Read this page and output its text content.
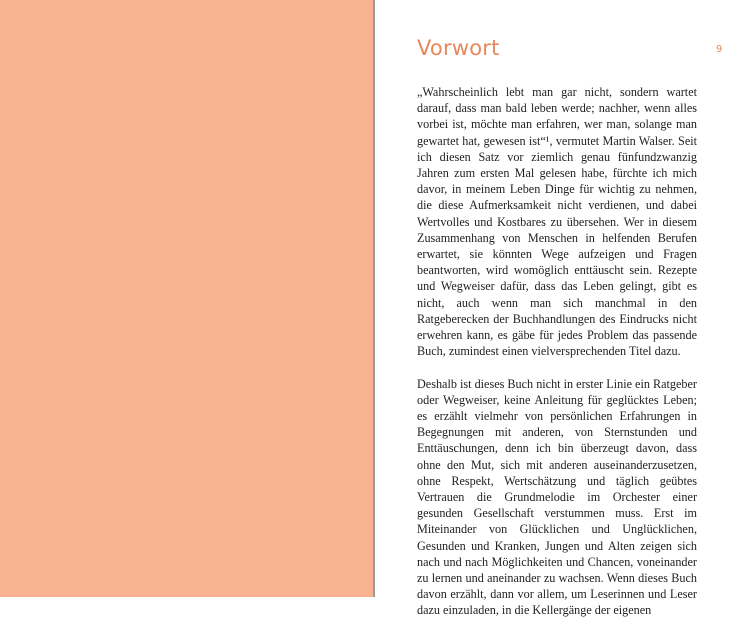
Vorwort	9

„Wahrscheinlich lebt man gar nicht, sondern wartet darauf, dass man bald leben werde; nachher, wenn alles vorbei ist, möchte man erfahren, wer man, solange man gewartet hat, gewesen ist“¹, vermutet Martin Walser. Seit ich diesen Satz vor ziemlich genau fünfundzwanzig Jahren zum ersten Mal gelesen habe, fürchte ich mich davor, in meinem Leben Dinge für wichtig zu nehmen, die diese Aufmerksamkeit nicht verdienen, und dabei Wertvolles und Kostbares zu übersehen. Wer in diesem Zusammenhang von Menschen in helfenden Berufen erwartet, sie könnten Wege aufzeigen und Fragen beantworten, wird womöglich enttäuscht sein. Rezepte und Wegweiser dafür, dass das Leben gelingt, gibt es nicht, auch wenn man sich manchmal in den Ratgeberecken der Buchhandlungen des Eindrucks nicht erwehren kann, es gäbe für jedes Problem das passende Buch, zumindest einen vielversprechenden Titel dazu.

Deshalb ist dieses Buch nicht in erster Linie ein Ratgeber oder Wegweiser, keine Anleitung für geglücktes Leben; es erzählt vielmehr von persönlichen Erfahrungen in Begegnungen mit anderen, von Sternstunden und Enttäuschungen, denn ich bin überzeugt davon, dass ohne den Mut, sich mit anderen auseinanderzusetzen, ohne Respekt, Wertschätzung und täglich geübtes Vertrauen die Grundmelodie im Orchester einer gesunden Gesellschaft verstummen muss. Erst im Miteinander von Glücklichen und Unglücklichen, Gesunden und Kranken, Jungen und Alten zeigen sich nach und nach Möglichkeiten und Chancen, voneinander zu lernen und aneinander zu wachsen. Wenn dieses Buch davon erzählt, dann vor allem, um Leserinnen und Leser dazu einzuladen, in die Kellergänge der eigenen
